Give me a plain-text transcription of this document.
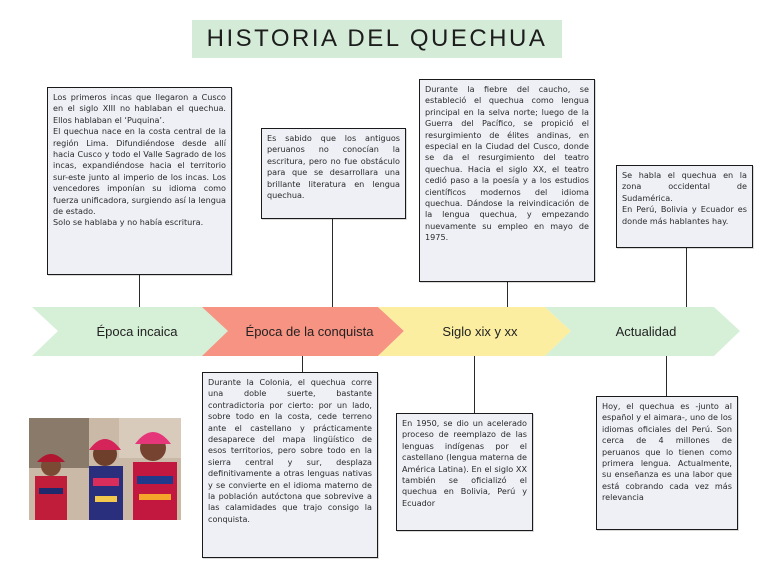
HISTORIA DEL QUECHUA
Época incaica	Época de la conquista	Siglo xix y xx	Actualidad

Los primeros incas que llegaron a Cusco en el siglo XIII no hablaban el quechua. Ellos hablaban el ‘Puquina’.
El quechua nace en la costa central de la región Lima. Difundiéndose desde allí hacia Cusco y todo el Valle Sagrado de los incas, expandiéndose hacia el territorio sur-este junto al imperio de los incas. Los vencedores imponían su idioma como fuerza unificadora, surgiendo así la lengua de estado.
Solo se hablaba y no había escritura.

Es sabido que los antiguos peruanos no conocían la escritura, pero no fue obstáculo para que se desarrollara una brillante literatura en lengua quechua.

Durante la Colonia, el quechua corre una doble suerte, bastante contradictoria por cierto: por un lado, sobre todo en la costa, cede terreno ante el castellano y prácticamente desaparece del mapa lingüístico de esos territorios, pero sobre todo en la sierra central y sur, desplaza definitivamente a otras lenguas nativas y se convierte en el idioma materno de la población autóctona que sobrevive a las calamidades que trajo consigo la conquista.

Durante la fiebre del caucho, se estableció el quechua como lengua principal en la selva norte; luego de la Guerra del Pacífico, se propició el resurgimiento de élites andinas, en especial en la Ciudad del Cusco, donde se da el resurgimiento del teatro quechua. Hacia el siglo XX, el teatro cedió paso a la poesía y a los estudios científicos modernos del idioma quechua. Dándose la reivindicación de la lengua quechua, y empezando nuevamente su empleo en mayo de 1975.

En 1950, se dio un acelerado proceso de reemplazo de las lenguas indígenas por el castellano (lengua materna de América Latina). En el siglo XX también se oficializó el quechua en Bolivia, Perú y Ecuador

Se habla el quechua en la zona occidental de Sudamérica.
En Perú, Bolivia y Ecuador es donde más hablantes hay.

Hoy, el quechua es -junto al español y el aimara-, uno de los idiomas oficiales del Perú. Son cerca de 4 millones de peruanos que lo tienen como primera lengua. Actualmente, su enseñanza es una labor que está cobrando cada vez más relevancia
